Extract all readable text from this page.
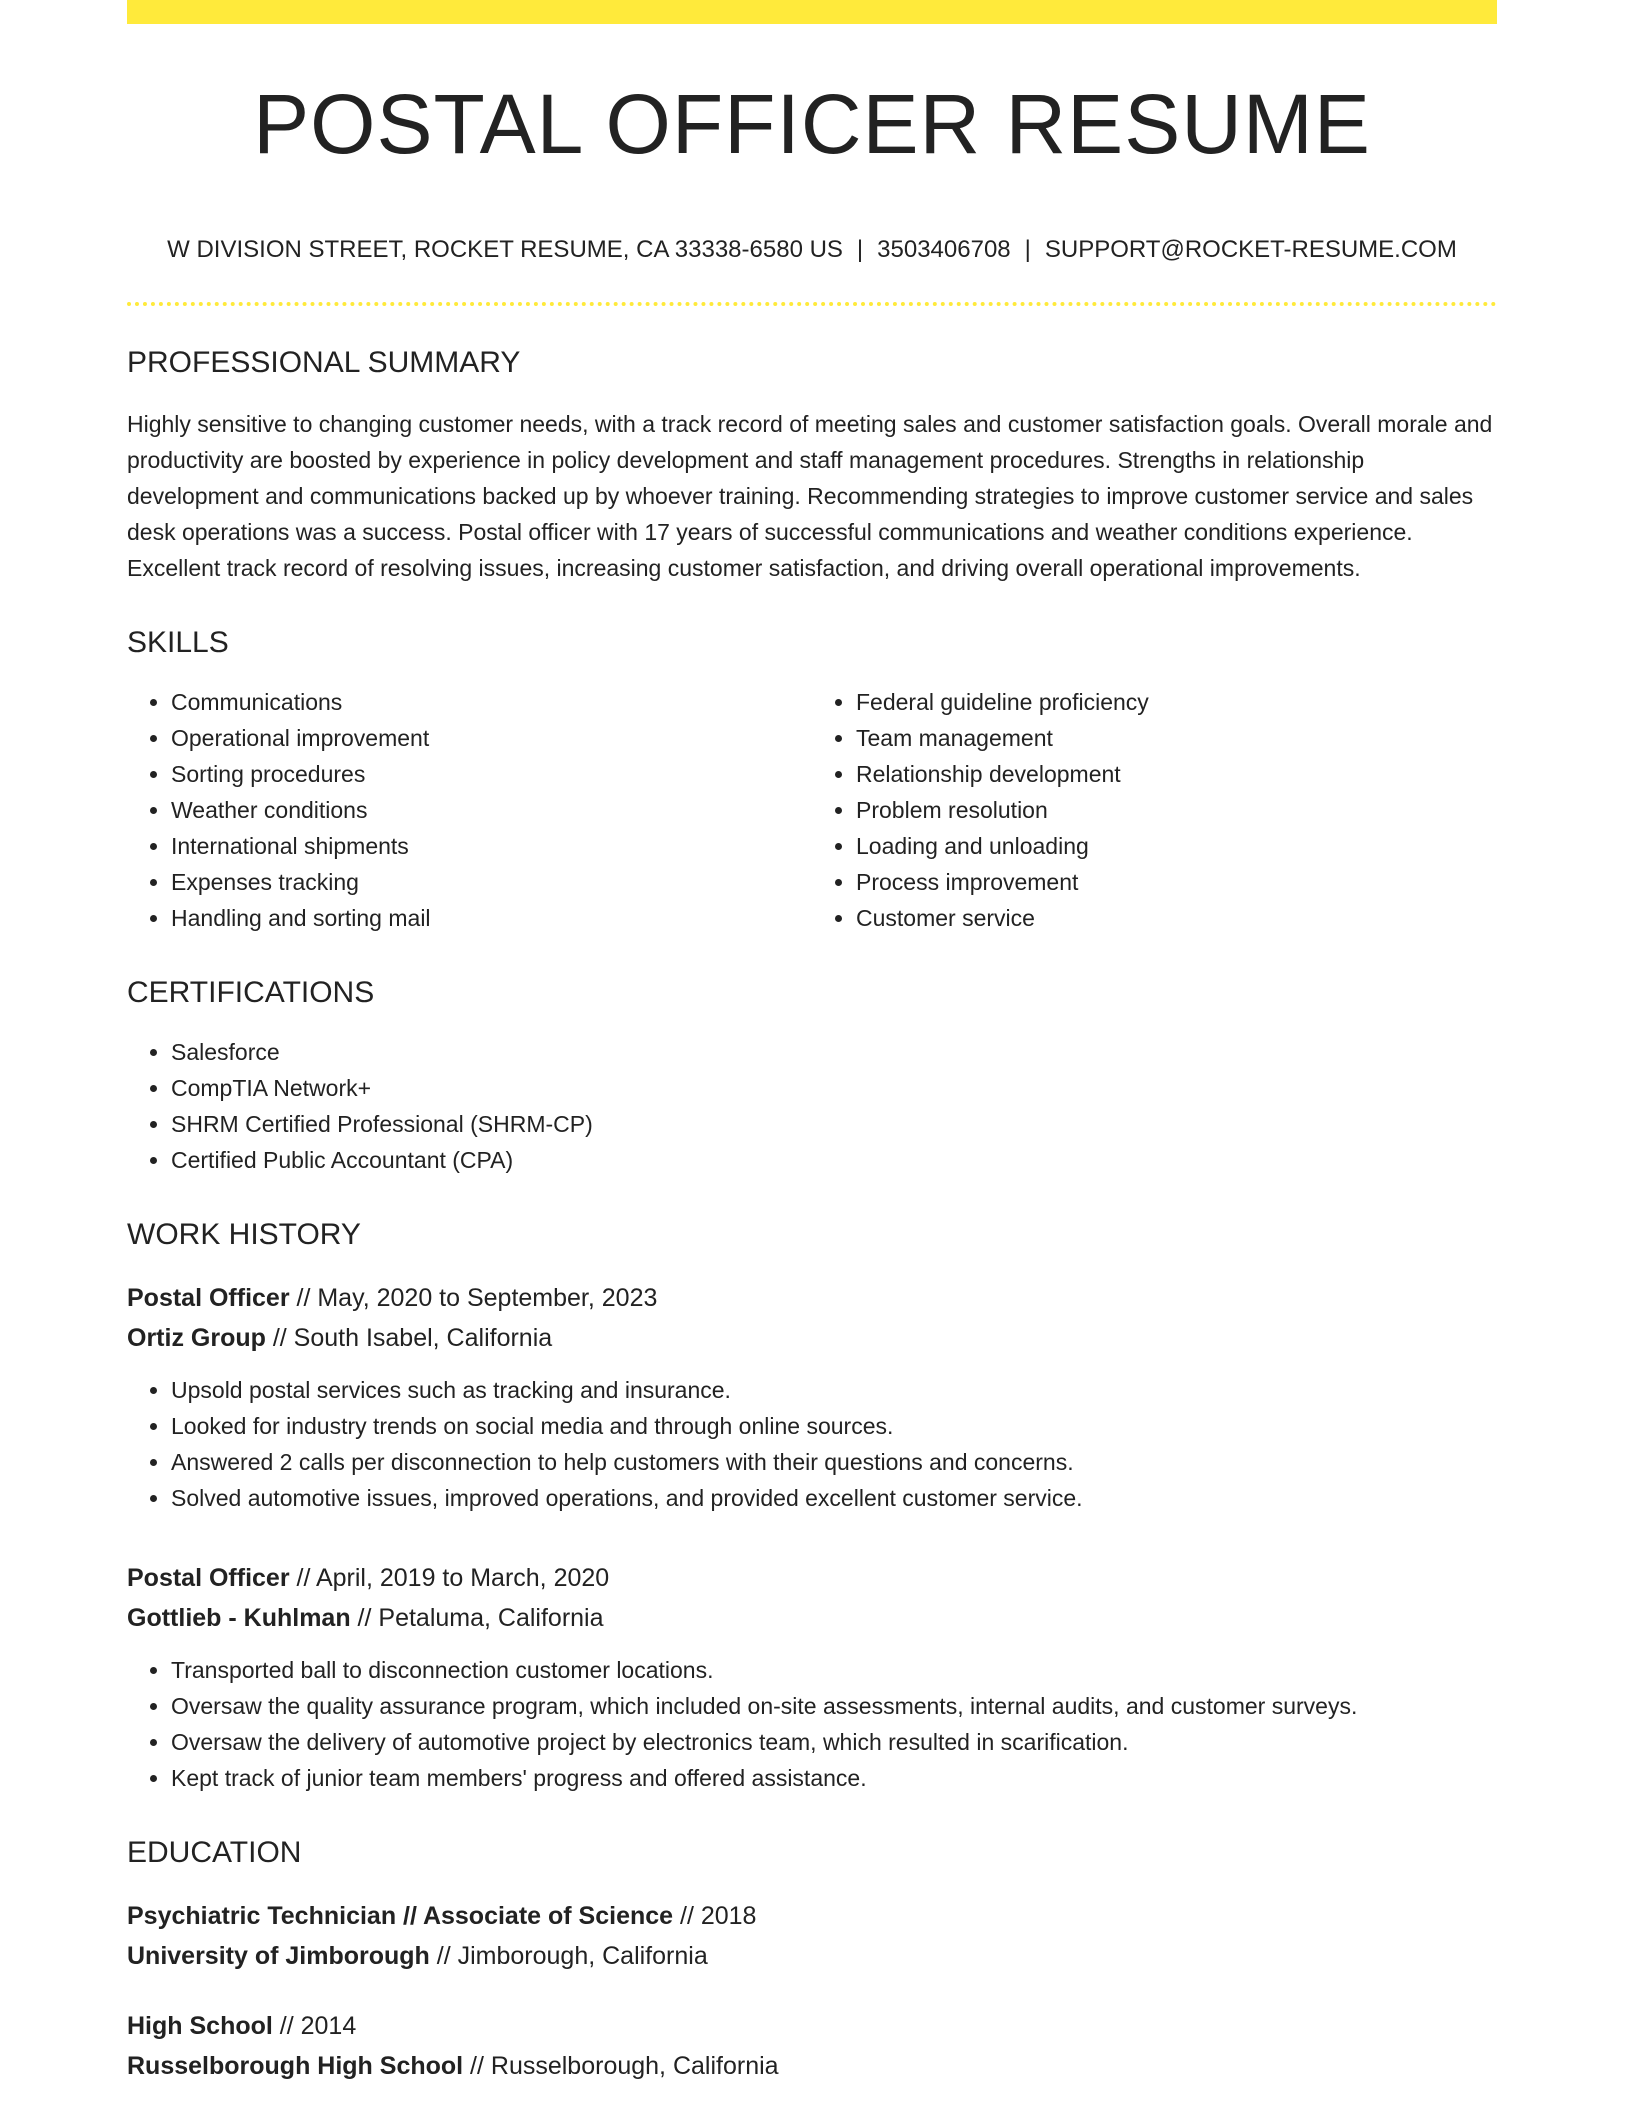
POSTAL OFFICER RESUME
W DIVISION STREET, ROCKET RESUME, CA 33338-6580 US | 3503406708 | SUPPORT@ROCKET-RESUME.COM
PROFESSIONAL SUMMARY

Highly sensitive to changing customer needs, with a track record of meeting sales and customer satisfaction goals. Overall morale and productivity are boosted by experience in policy development and staff management procedures. Strengths in relationship development and communications backed up by whoever training. Recommending strategies to improve customer service and sales desk operations was a success. Postal officer with 17 years of successful communications and weather conditions experience. Excellent track record of resolving issues, increasing customer satisfaction, and driving overall operational improvements.

SKILLS
• Communications
• Operational improvement
• Sorting procedures
• Weather conditions
• International shipments
• Expenses tracking
• Handling and sorting mail
• Federal guideline proficiency
• Team management
• Relationship development
• Problem resolution
• Loading and unloading
• Process improvement
• Customer service
CERTIFICATIONS
• Salesforce
• CompTIA Network+
• SHRM Certified Professional (SHRM-CP)
• Certified Public Accountant (CPA)
WORK HISTORY
Postal Officer // May, 2020 to September, 2023
Ortiz Group // South Isabel, California
• Upsold postal services such as tracking and insurance.
• Looked for industry trends on social media and through online sources.
• Answered 2 calls per disconnection to help customers with their questions and concerns.
• Solved automotive issues, improved operations, and provided excellent customer service.
Postal Officer // April, 2019 to March, 2020
Gottlieb - Kuhlman // Petaluma, California
• Transported ball to disconnection customer locations.
• Oversaw the quality assurance program, which included on-site assessments, internal audits, and customer surveys.
• Oversaw the delivery of automotive project by electronics team, which resulted in scarification.
• Kept track of junior team members' progress and offered assistance.
EDUCATION
Psychiatric Technician // Associate of Science // 2018
University of Jimborough // Jimborough, California
High School // 2014
Russelborough High School // Russelborough, California
